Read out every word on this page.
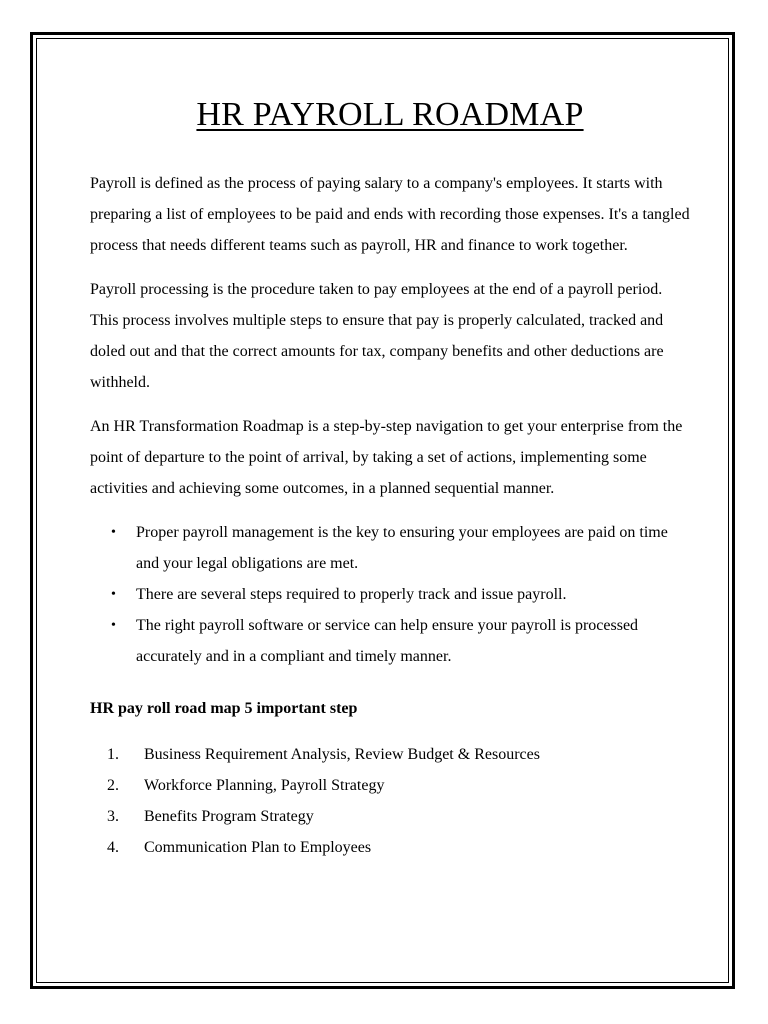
HR PAYROLL ROADMAP

Payroll is defined as the process of paying salary to a company's employees. It starts with preparing a list of employees to be paid and ends with recording those expenses. It's a tangled process that needs different teams such as payroll, HR and finance to work together.

Payroll processing is the procedure taken to pay employees at the end of a payroll period. This process involves multiple steps to ensure that pay is properly calculated, tracked and doled out and that the correct amounts for tax, company benefits and other deductions are withheld.

An HR Transformation Roadmap is a step-by-step navigation to get your enterprise from the point of departure to the point of arrival, by taking a set of actions, implementing some activities and achieving some outcomes, in a planned sequential manner.

• Proper payroll management is the key to ensuring your employees are paid on time and your legal obligations are met.
• There are several steps required to properly track and issue payroll.
• The right payroll software or service can help ensure your payroll is processed accurately and in a compliant and timely manner.

HR pay roll road map 5 important step

1. Business Requirement Analysis, Review Budget & Resources
2. Workforce Planning, Payroll Strategy
3. Benefits Program Strategy
4. Communication Plan to Employees
